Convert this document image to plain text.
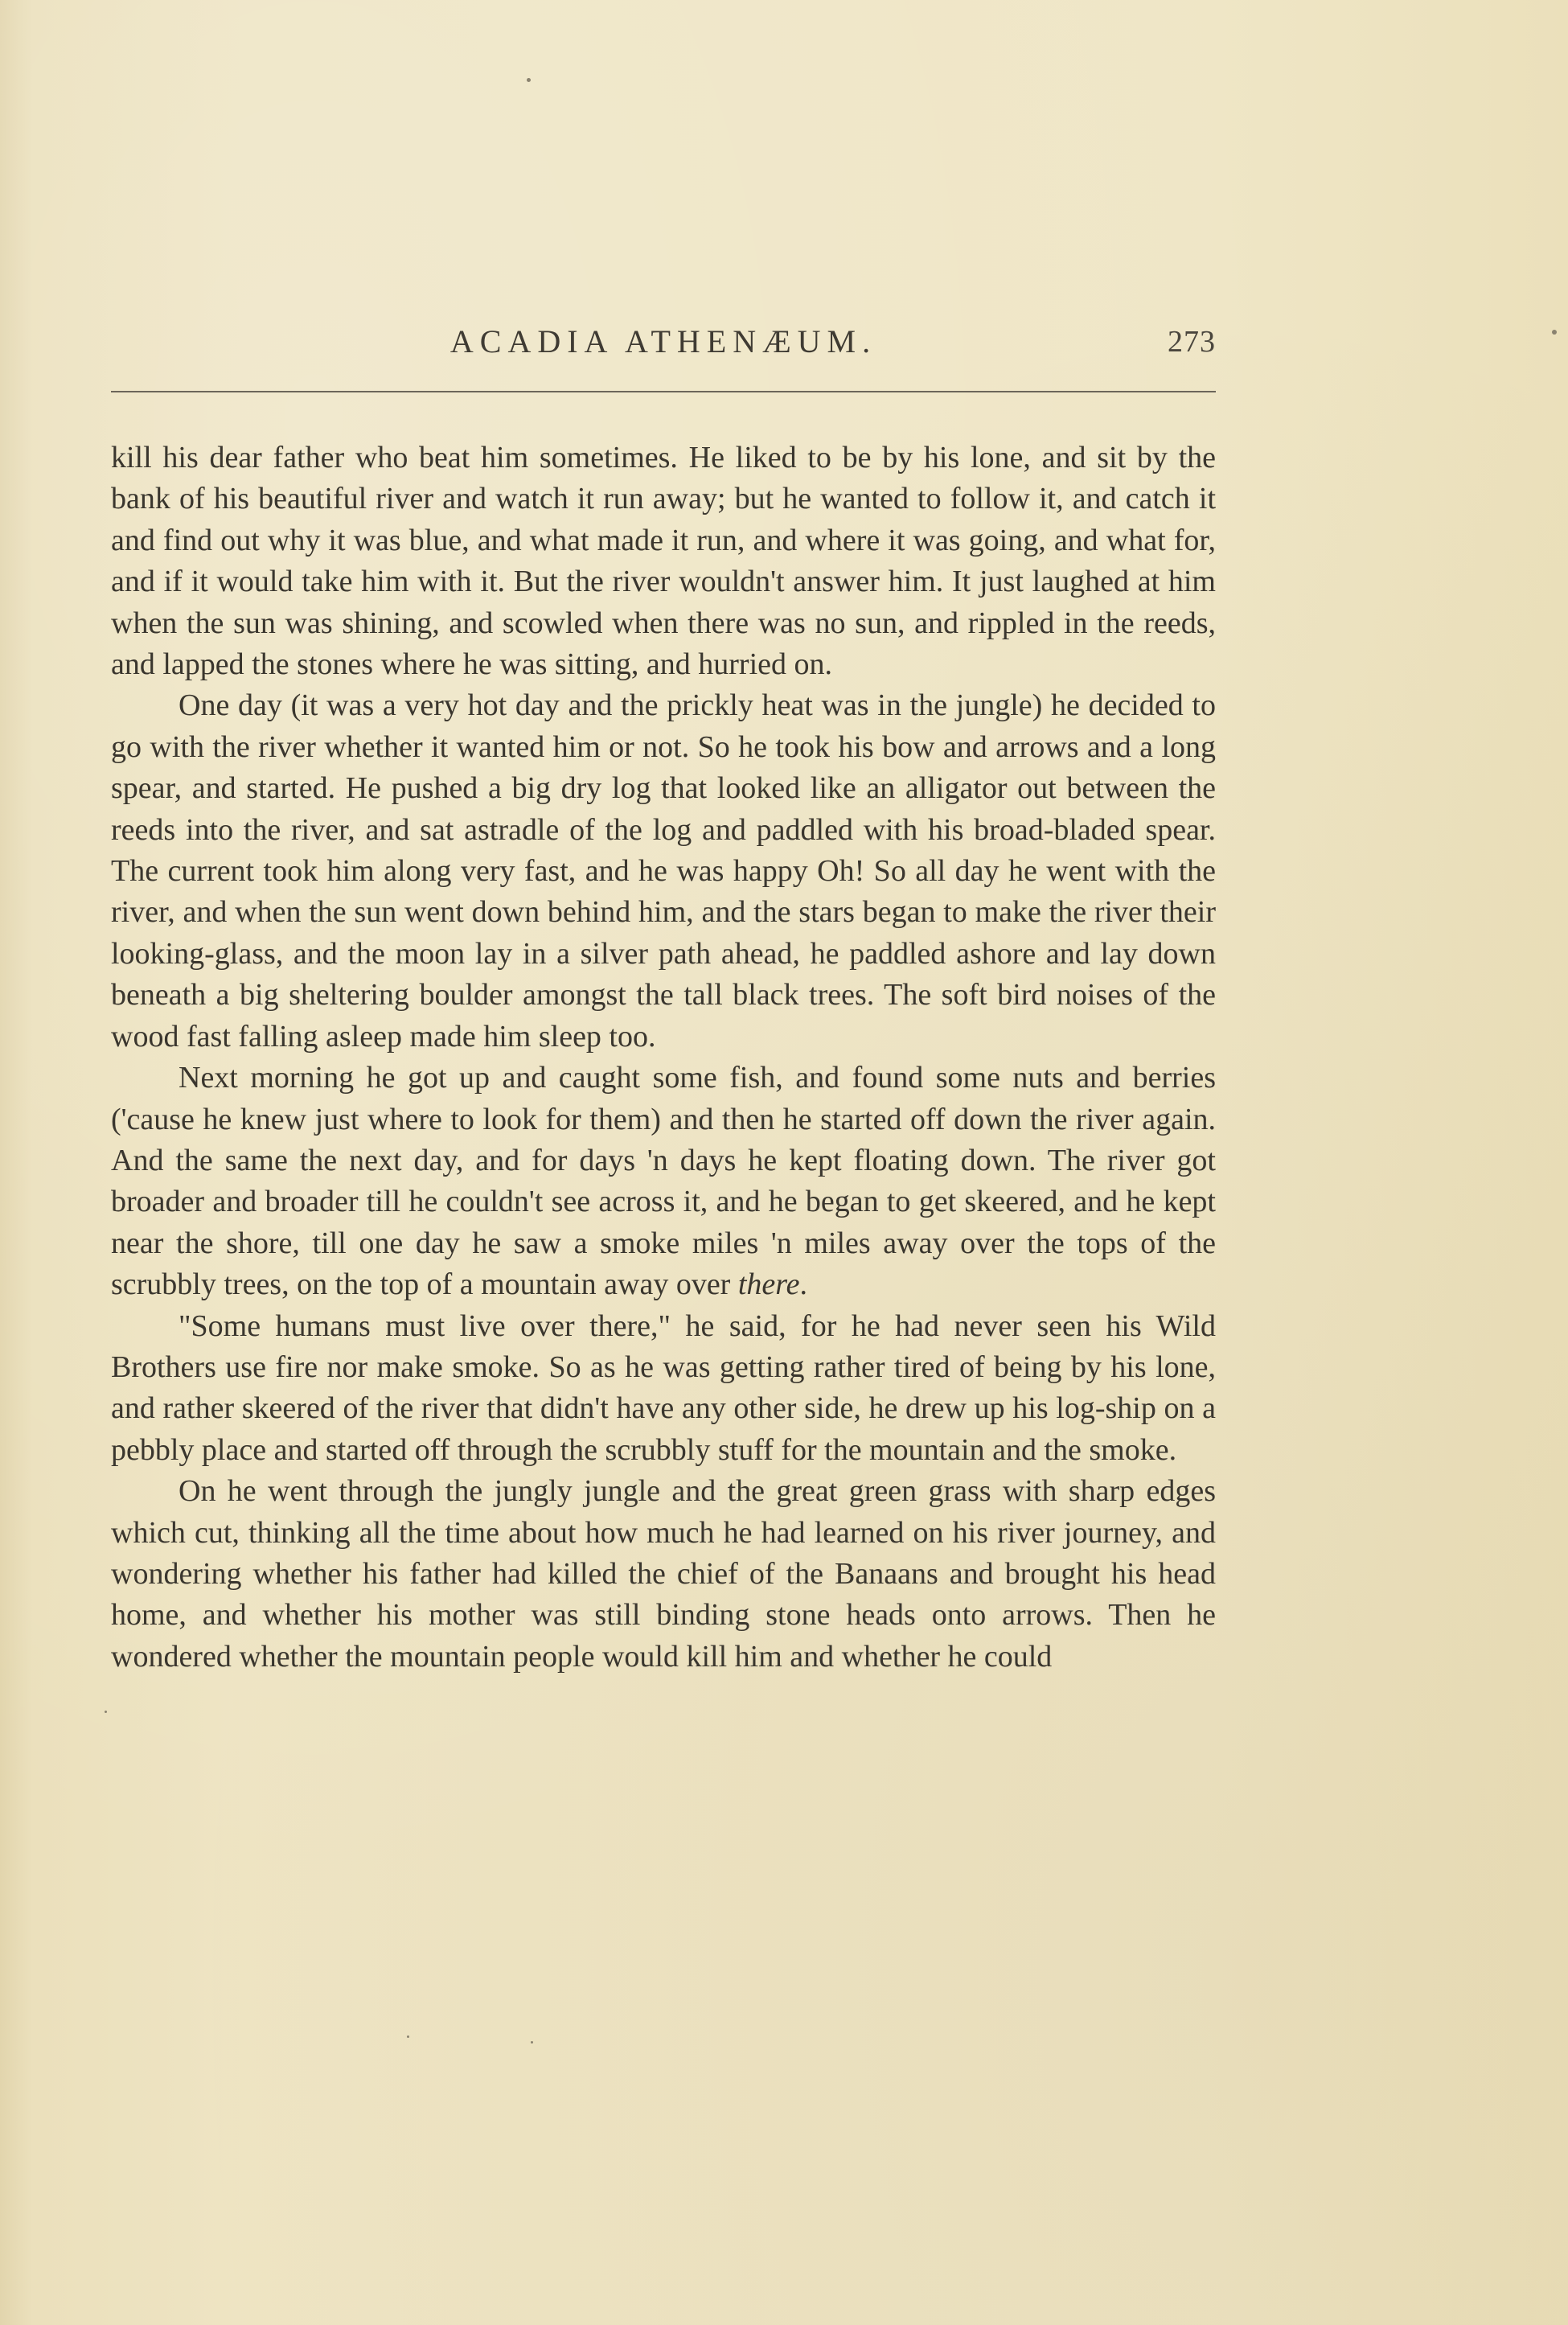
ACADIA ATHENÆUM.	273

kill his dear father who beat him sometimes. He liked to be by his lone, and sit by the bank of his beautiful river and watch it run away; but he wanted to follow it, and catch it and find out why it was blue, and what made it run, and where it was going, and what for, and if it would take him with it. But the river wouldn't answer him. It just laughed at him when the sun was shining, and scowled when there was no sun, and rippled in the reeds, and lapped the stones where he was sitting, and hurried on.

One day (it was a very hot day and the prickly heat was in the jungle) he decided to go with the river whether it wanted him or not. So he took his bow and arrows and a long spear, and started. He pushed a big dry log that looked like an alligator out between the reeds into the river, and sat astradle of the log and paddled with his broad-bladed spear. The current took him along very fast, and he was happy Oh! So all day he went with the river, and when the sun went down behind him, and the stars began to make the river their looking-glass, and the moon lay in a silver path ahead, he paddled ashore and lay down beneath a big sheltering boulder amongst the tall black trees. The soft bird noises of the wood fast falling asleep made him sleep too.

Next morning he got up and caught some fish, and found some nuts and berries ('cause he knew just where to look for them) and then he started off down the river again. And the same the next day, and for days 'n days he kept floating down. The river got broader and broader till he couldn't see across it, and he began to get skeered, and he kept near the shore, till one day he saw a smoke miles 'n miles away over the tops of the scrubbly trees, on the top of a mountain away over there.

"Some humans must live over there," he said, for he had never seen his Wild Brothers use fire nor make smoke. So as he was getting rather tired of being by his lone, and rather skeered of the river that didn't have any other side, he drew up his log-ship on a pebbly place and started off through the scrubbly stuff for the mountain and the smoke.

On he went through the jungly jungle and the great green grass with sharp edges which cut, thinking all the time about how much he had learned on his river journey, and wondering whether his father had killed the chief of the Banaans and brought his head home, and whether his mother was still binding stone heads onto arrows. Then he wondered whether the mountain people would kill him and whether he could
